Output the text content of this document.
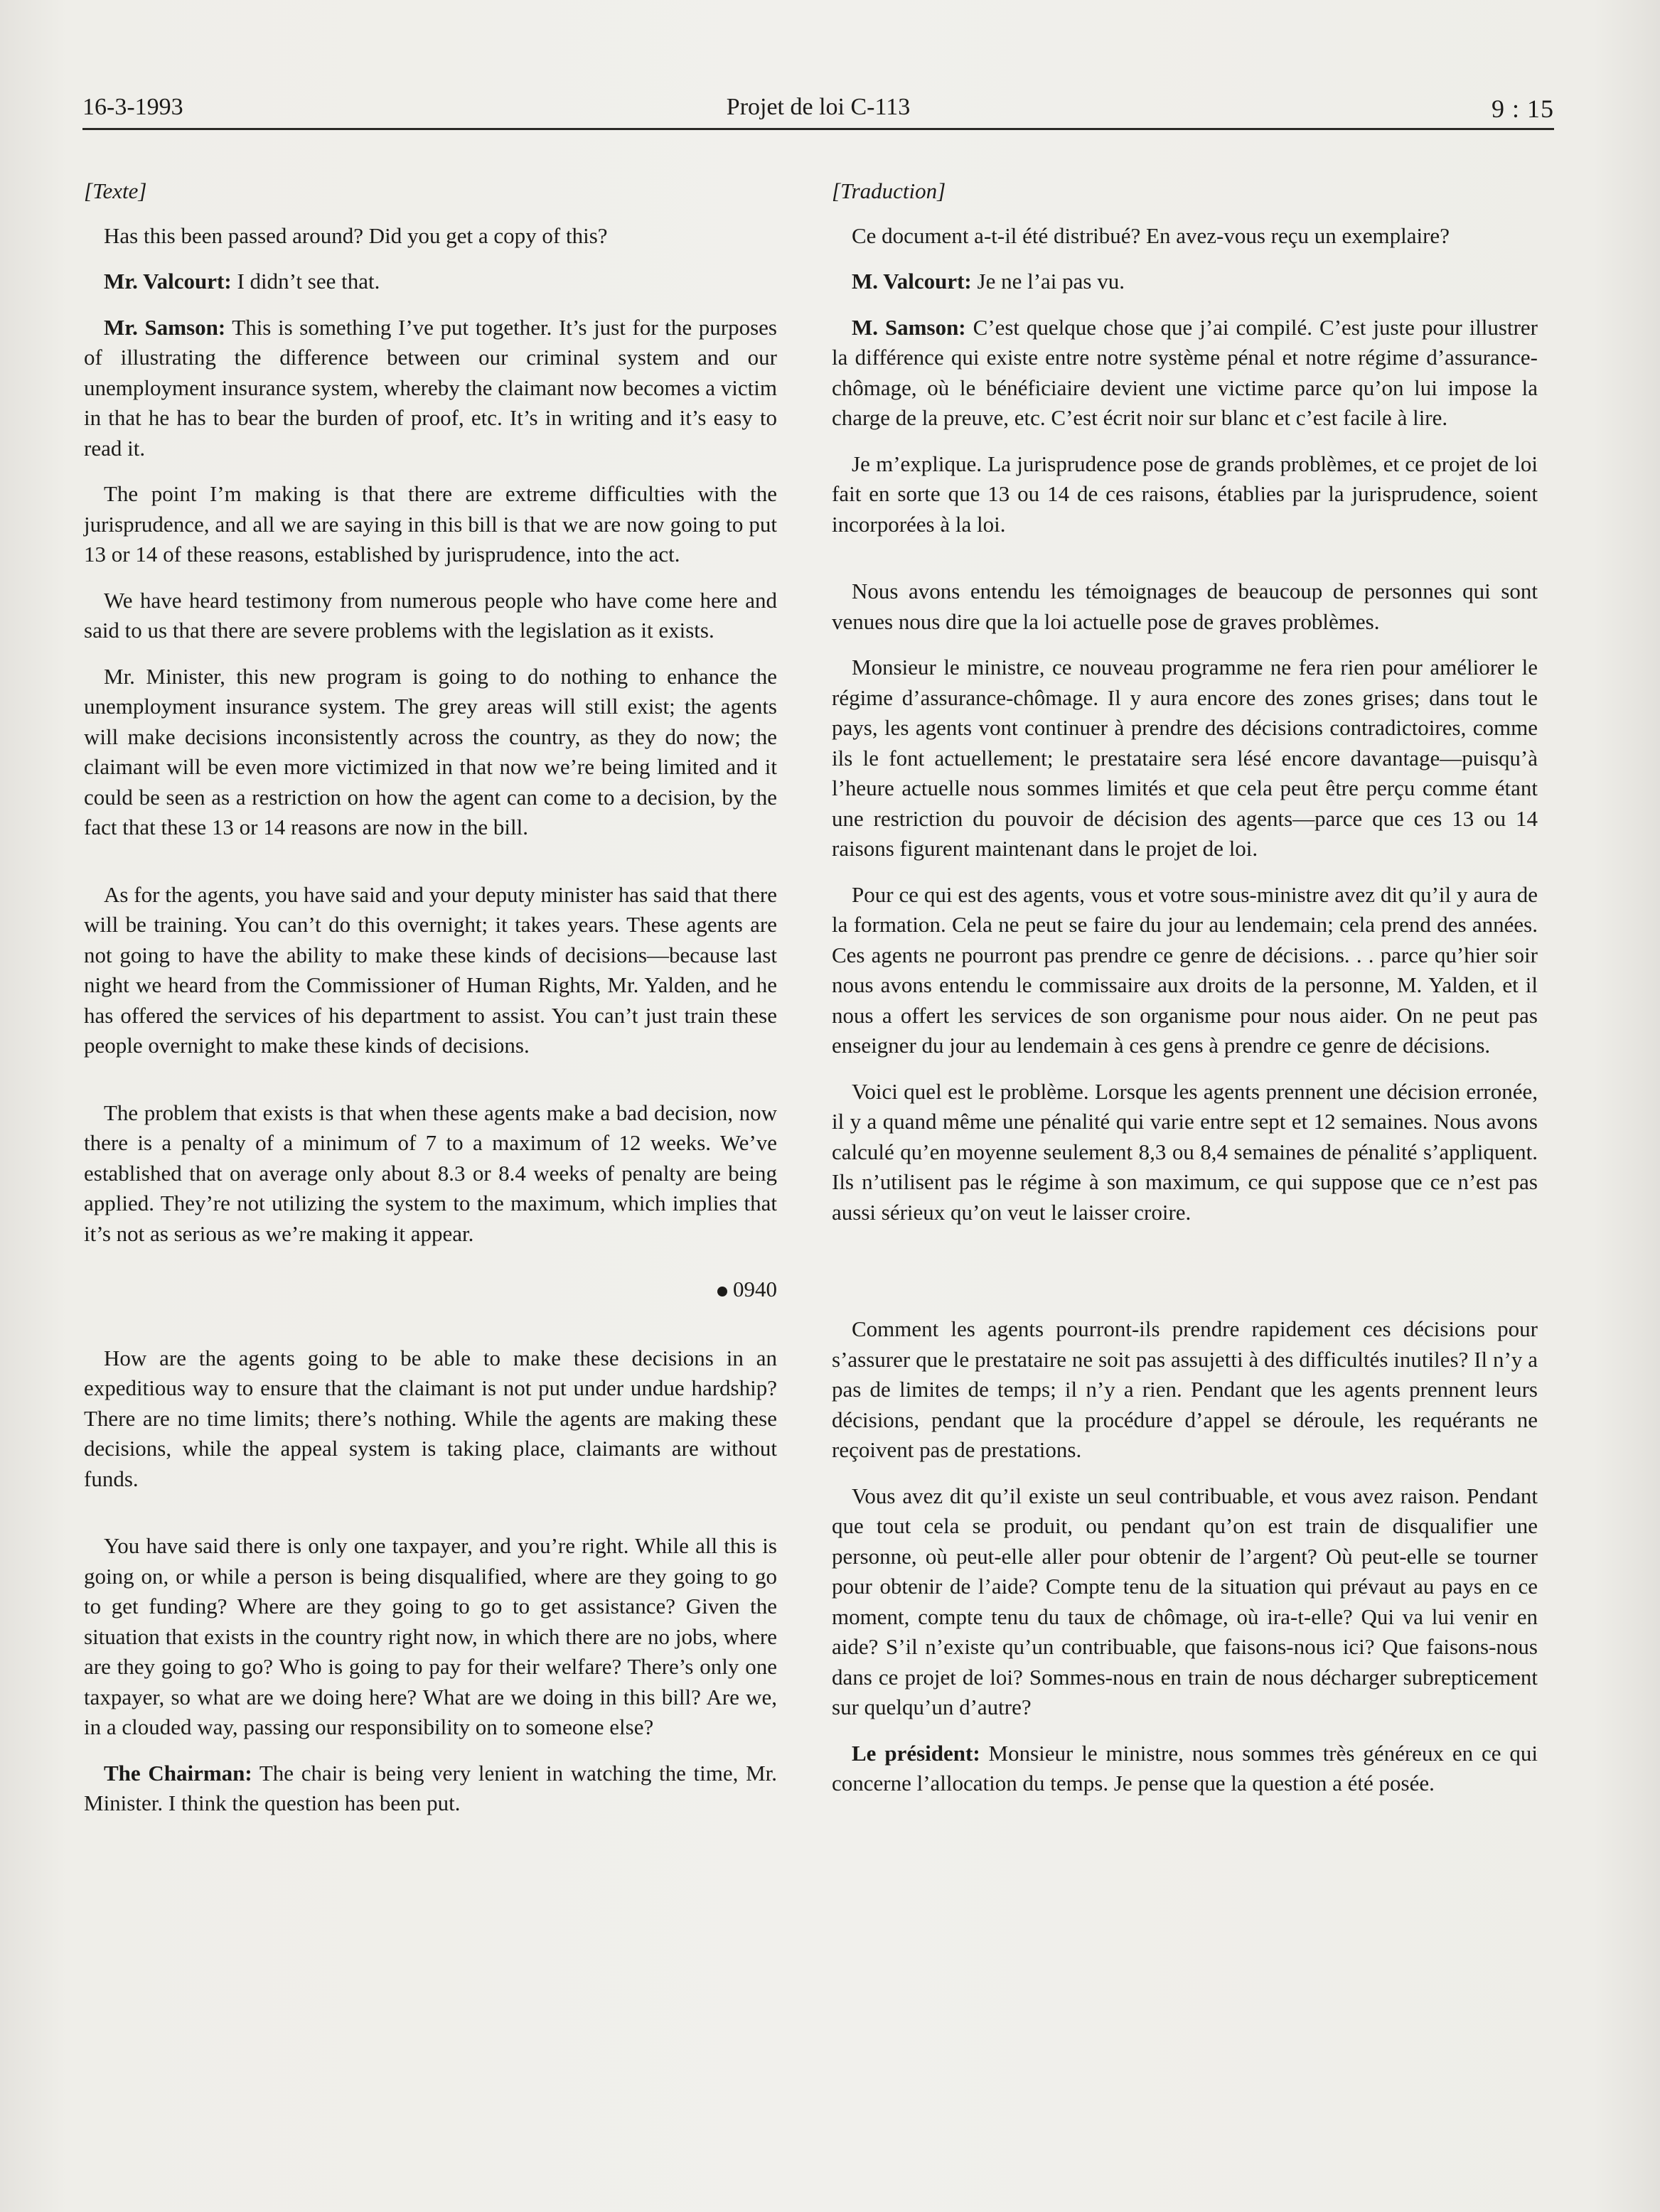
16-3-1993	Projet de loi C-113	9 : 15
[Texte]

Has this been passed around? Did you get a copy of this?

Mr. Valcourt: I didn’t see that.

Mr. Samson: This is something I’ve put together. It’s just for the purposes of illustrating the difference between our criminal system and our unemployment insurance system, whereby the claimant now becomes a victim in that he has to bear the burden of proof, etc. It’s in writing and it’s easy to read it.

The point I’m making is that there are extreme difficulties with the jurisprudence, and all we are saying in this bill is that we are now going to put 13 or 14 of these reasons, established by jurisprudence, into the act.

We have heard testimony from numerous people who have come here and said to us that there are severe problems with the legislation as it exists.

Mr. Minister, this new program is going to do nothing to enhance the unemployment insurance system. The grey areas will still exist; the agents will make decisions inconsistently across the country, as they do now; the claimant will be even more victimized in that now we’re being limited and it could be seen as a restriction on how the agent can come to a decision, by the fact that these 13 or 14 reasons are now in the bill.

As for the agents, you have said and your deputy minister has said that there will be training. You can’t do this overnight; it takes years. These agents are not going to have the ability to make these kinds of decisions—because last night we heard from the Commissioner of Human Rights, Mr. Yalden, and he has offered the services of his department to assist. You can’t just train these people overnight to make these kinds of decisions.

The problem that exists is that when these agents make a bad decision, now there is a penalty of a minimum of 7 to a maximum of 12 weeks. We’ve established that on average only about 8.3 or 8.4 weeks of penalty are being applied. They’re not utilizing the system to the maximum, which implies that it’s not as serious as we’re making it appear.

0940

How are the agents going to be able to make these decisions in an expeditious way to ensure that the claimant is not put under undue hardship? There are no time limits; there’s nothing. While the agents are making these decisions, while the appeal system is taking place, claimants are without funds.

You have said there is only one taxpayer, and you’re right. While all this is going on, or while a person is being disqualified, where are they going to go to get funding? Where are they going to go to get assistance? Given the situation that exists in the country right now, in which there are no jobs, where are they going to go? Who is going to pay for their welfare? There’s only one taxpayer, so what are we doing here? What are we doing in this bill? Are we, in a clouded way, passing our responsibility on to someone else?

The Chairman: The chair is being very lenient in watching the time, Mr. Minister. I think the question has been put.

[Traduction]

Ce document a-t-il été distribué? En avez-vous reçu un exemplaire?

M. Valcourt: Je ne l’ai pas vu.

M. Samson: C’est quelque chose que j’ai compilé. C’est juste pour illustrer la différence qui existe entre notre système pénal et notre régime d’assurance-chômage, où le bénéficiaire devient une victime parce qu’on lui impose la charge de la preuve, etc. C’est écrit noir sur blanc et c’est facile à lire.

Je m’explique. La jurisprudence pose de grands problèmes, et ce projet de loi fait en sorte que 13 ou 14 de ces raisons, établies par la jurisprudence, soient incorporées à la loi.

Nous avons entendu les témoignages de beaucoup de personnes qui sont venues nous dire que la loi actuelle pose de graves problèmes.

Monsieur le ministre, ce nouveau programme ne fera rien pour améliorer le régime d’assurance-chômage. Il y aura encore des zones grises; dans tout le pays, les agents vont continuer à prendre des décisions contradictoires, comme ils le font actuellement; le prestataire sera lésé encore davantage—puisqu’à l’heure actuelle nous sommes limités et que cela peut être perçu comme étant une restriction du pouvoir de décision des agents—parce que ces 13 ou 14 raisons figurent maintenant dans le projet de loi.

Pour ce qui est des agents, vous et votre sous-ministre avez dit qu’il y aura de la formation. Cela ne peut se faire du jour au lendemain; cela prend des années. Ces agents ne pourront pas prendre ce genre de décisions. . . parce qu’hier soir nous avons entendu le commissaire aux droits de la personne, M. Yalden, et il nous a offert les services de son organisme pour nous aider. On ne peut pas enseigner du jour au lendemain à ces gens à prendre ce genre de décisions.

Voici quel est le problème. Lorsque les agents prennent une décision erronée, il y a quand même une pénalité qui varie entre sept et 12 semaines. Nous avons calculé qu’en moyenne seulement 8,3 ou 8,4 semaines de pénalité s’appliquent. Ils n’utilisent pas le régime à son maximum, ce qui suppose que ce n’est pas aussi sérieux qu’on veut le laisser croire.

Comment les agents pourront-ils prendre rapidement ces décisions pour s’assurer que le prestataire ne soit pas assujetti à des difficultés inutiles? Il n’y a pas de limites de temps; il n’y a rien. Pendant que les agents prennent leurs décisions, pendant que la procédure d’appel se déroule, les requérants ne reçoivent pas de prestations.

Vous avez dit qu’il existe un seul contribuable, et vous avez raison. Pendant que tout cela se produit, ou pendant qu’on est train de disqualifier une personne, où peut-elle aller pour obtenir de l’argent? Où peut-elle se tourner pour obtenir de l’aide? Compte tenu de la situation qui prévaut au pays en ce moment, compte tenu du taux de chômage, où ira-t-elle? Qui va lui venir en aide? S’il n’existe qu’un contribuable, que faisons-nous ici? Que faisons-nous dans ce projet de loi? Sommes-nous en train de nous décharger subrepticement sur quelqu’un d’autre?

Le président: Monsieur le ministre, nous sommes très généreux en ce qui concerne l’allocation du temps. Je pense que la question a été posée.
